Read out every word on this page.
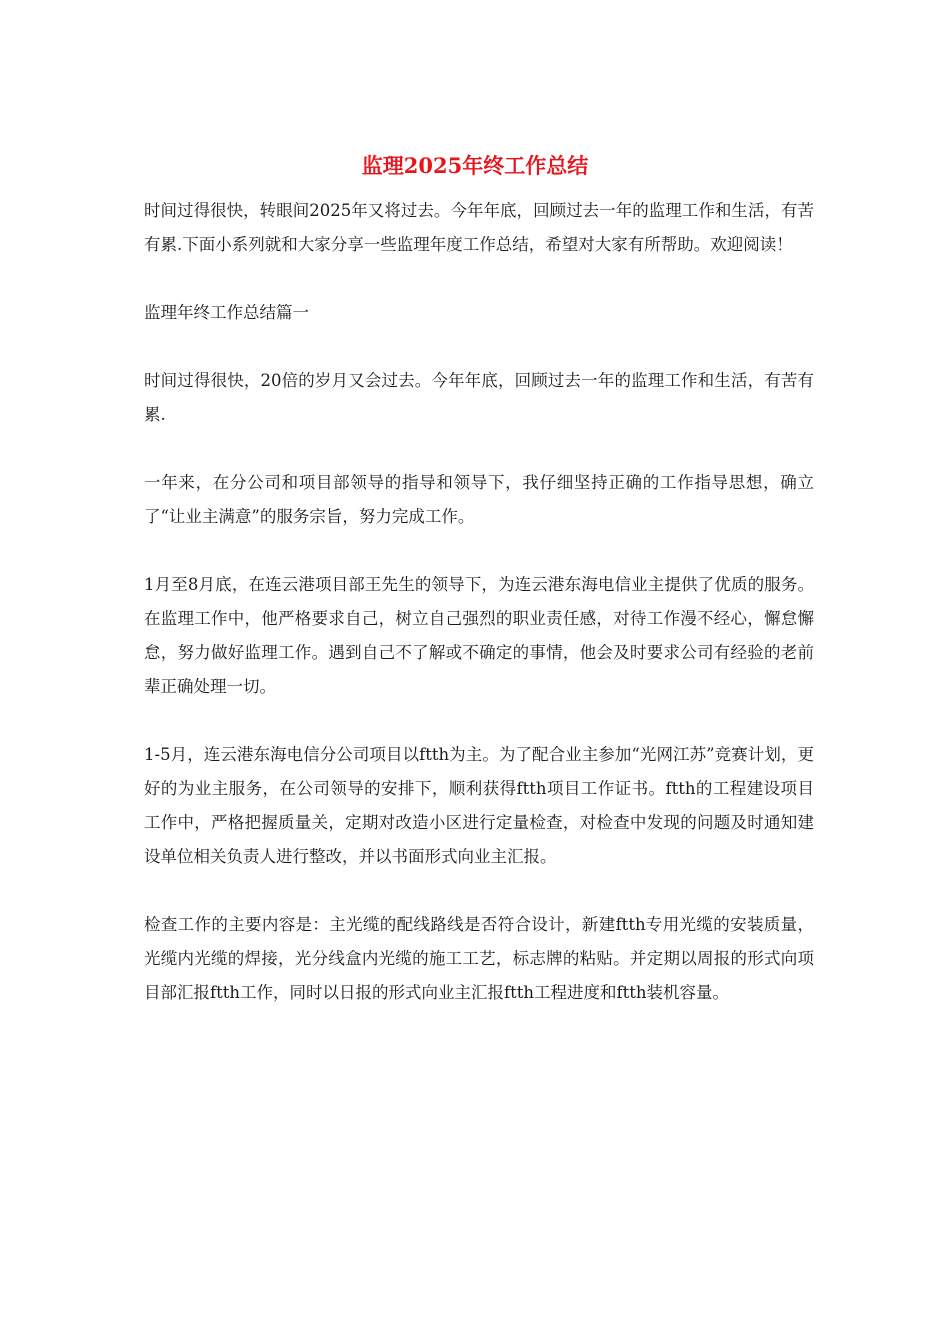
监理2025年终工作总结

时间过得很快，转眼间2025年又将过去。今年年底，回顾过去一年的监理工作和生活，有苦有累.下面小系列就和大家分享一些监理年度工作总结，希望对大家有所帮助。欢迎阅读！

监理年终工作总结篇一

时间过得很快，20倍的岁月又会过去。今年年底，回顾过去一年的监理工作和生活，有苦有累.

一年来，在分公司和项目部领导的指导和领导下，我仔细坚持正确的工作指导思想，确立了“让业主满意”的服务宗旨，努力完成工作。

1月至8月底，在连云港项目部王先生的领导下，为连云港东海电信业主提供了优质的服务。在监理工作中，他严格要求自己，树立自己强烈的职业责任感，对待工作漫不经心，懈怠懈怠，努力做好监理工作。遇到自己不了解或不确定的事情，他会及时要求公司有经验的老前辈正确处理一切。

1-5月，连云港东海电信分公司项目以ftth为主。为了配合业主参加“光网江苏”竞赛计划，更好的为业主服务，在公司领导的安排下，顺利获得ftth项目工作证书。ftth的工程建设项目工作中，严格把握质量关，定期对改造小区进行定量检查，对检查中发现的问题及时通知建设单位相关负责人进行整改，并以书面形式向业主汇报。

检查工作的主要内容是：主光缆的配线路线是否符合设计，新建ftth专用光缆的安装质量，光缆内光缆的焊接，光分线盒内光缆的施工工艺，标志牌的粘贴。并定期以周报的形式向项目部汇报ftth工作，同时以日报的形式向业主汇报ftth工程进度和ftth装机容量。
